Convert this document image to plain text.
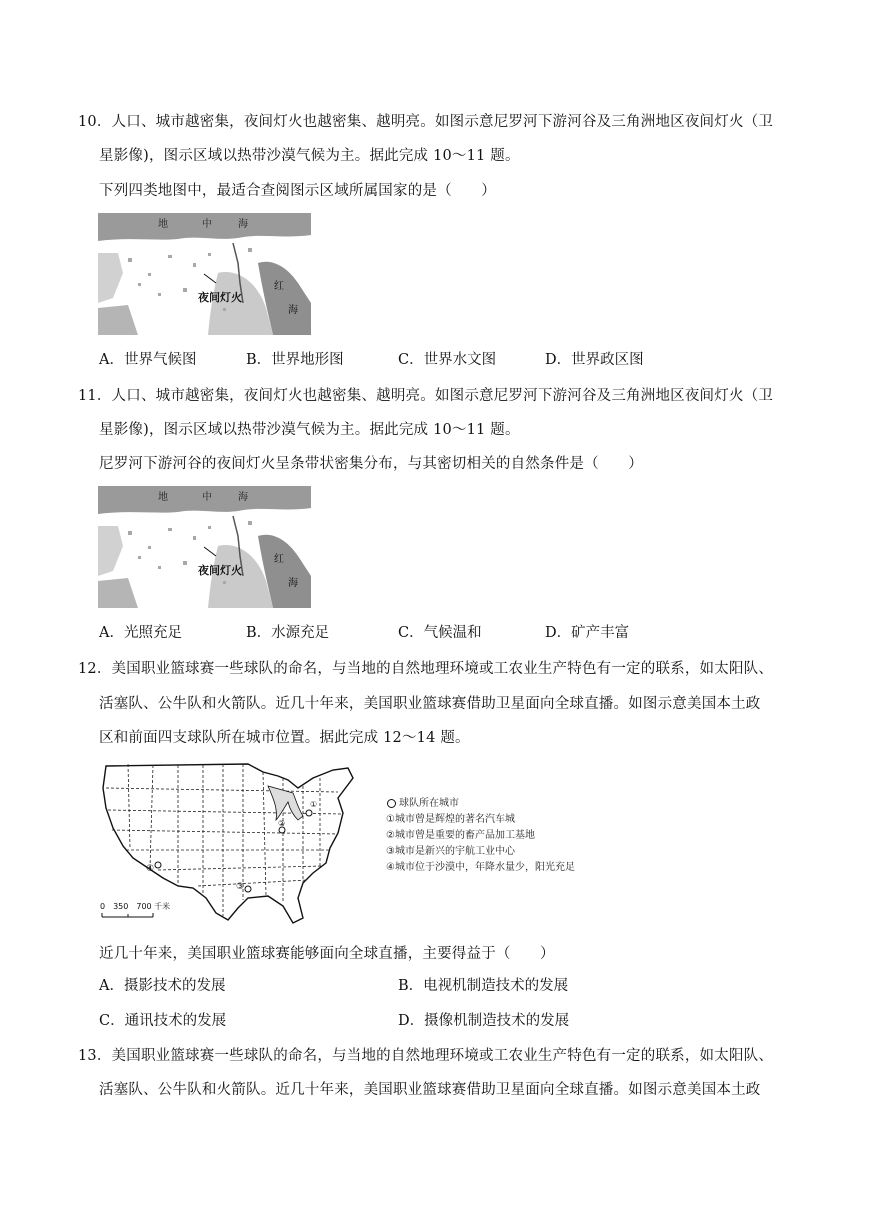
10．人口、城市越密集，夜间灯火也越密集、越明亮。如图示意尼罗河下游河谷及三角洲地区夜间灯火（卫
星影像)，图示区域以热带沙漠气候为主。据此完成 10～11 题。
下列四类地图中，最适合查阅图示区域所属国家的是（　　）
地	中	海
夜间灯火
红
海
A．世界气候图	B．世界地形图	C．世界水文图	D．世界政区图
11．人口、城市越密集，夜间灯火也越密集、越明亮。如图示意尼罗河下游河谷及三角洲地区夜间灯火（卫
星影像)，图示区域以热带沙漠气候为主。据此完成 10～11 题。
尼罗河下游河谷的夜间灯火呈条带状密集分布，与其密切相关的自然条件是（　　）
地	中	海
夜间灯火
红
海
A．光照充足	B．水源充足	C．气候温和	D．矿产丰富
12．美国职业篮球赛一些球队的命名，与当地的自然地理环境或工农业生产特色有一定的联系，如太阳队、
活塞队、公牛队和火箭队。近几十年来，美国职业篮球赛借助卫星面向全球直播。如图示意美国本土政
区和前面四支球队所在城市位置。据此完成 12～14 题。
①
②
③
④
0　350　700 千米
球队所在城市
①城市曾是辉煌的著名汽车城
②城市曾是重要的畜产品加工基地
③城市是新兴的宇航工业中心
④城市位于沙漠中，年降水量少，阳光充足
近几十年来，美国职业篮球赛能够面向全球直播，主要得益于（　　）
A．摄影技术的发展	B．电视机制造技术的发展
C．通讯技术的发展	D．摄像机制造技术的发展
13．美国职业篮球赛一些球队的命名，与当地的自然地理环境或工农业生产特色有一定的联系，如太阳队、
活塞队、公牛队和火箭队。近几十年来，美国职业篮球赛借助卫星面向全球直播。如图示意美国本土政
